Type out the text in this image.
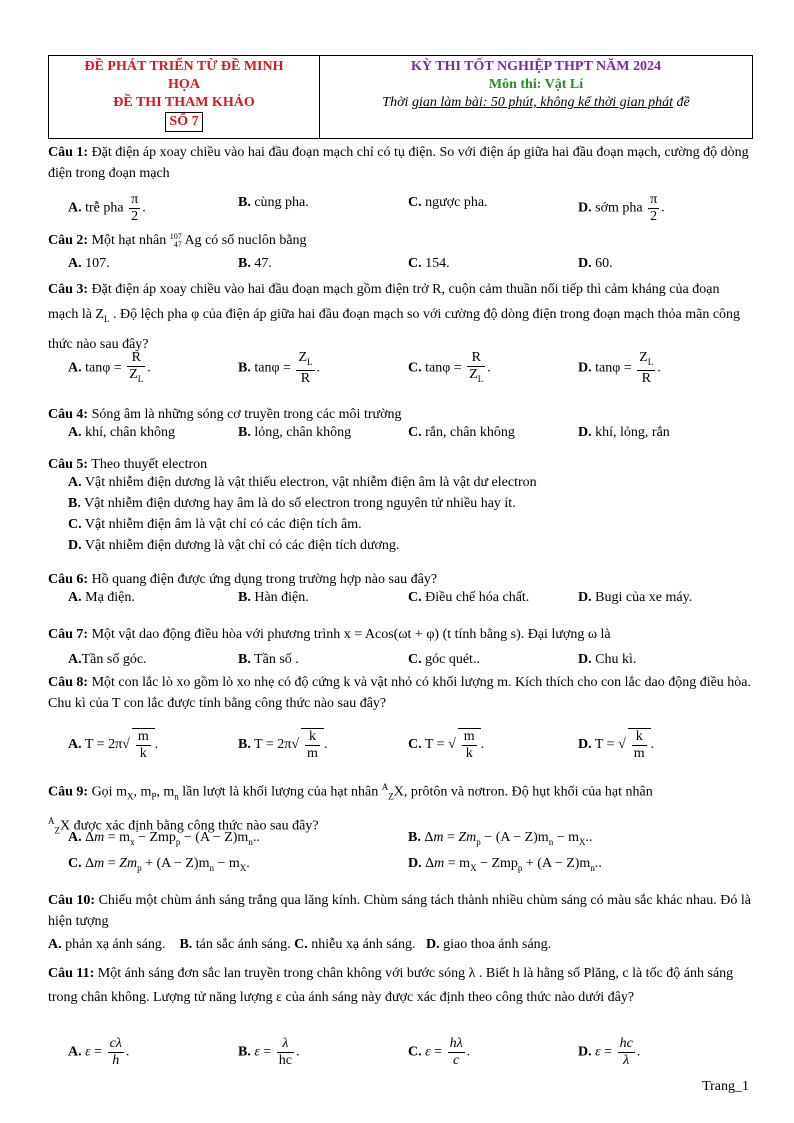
ĐỀ PHÁT TRIỂN TỪ ĐỀ MINH
HỌA
ĐỀ THI THAM KHẢO
SỐ 7
KỲ THI TỐT NGHIỆP THPT NĂM 2024
Môn thi: Vật Lí
Thời gian làm bài: 50 phút, không kể thời gian phát đề
Câu 1: Đặt điện áp xoay chiều vào hai đầu đoạn mạch chỉ có tụ điện. So với điện áp giữa hai đầu đoạn mạch, cường độ dòng điện trong đoạn mạch
A. trễ pha $\frac{\pi}{2}$ .	B. cùng pha.	C. ngược pha.	D. sớm pha $\frac{\pi}{2}$ .
Câu 2: Một hạt nhân 107
47 Ag có số nuclôn bằng
A. 107.	B. 47.	C. 154.	D. 60.
Câu 3: Đặt điện áp xoay chiều vào hai đầu đoạn mạch gồm điện trở R, cuộn cảm thuần nối tiếp thì cảm kháng của đoạn mạch là $Z_L$ . Độ lệch pha φ của điện áp giữa hai đầu đoạn mạch so với cường độ dòng điện trong đoạn mạch thỏa mãn công thức nào sau đây?
A. $\tan\varphi = \frac{R}{Z_L}$ .	B. $\tan\varphi = \frac{Z_L}{R}$ .	C. $\tan\varphi = \frac{R}{Z_L}$ .	D. $\tan\varphi = \frac{Z_L}{R}$ .
Câu 4: Sóng âm là những sóng cơ truyền trong các môi trường
A. khí, chân không	B. lỏng, chân không	C. rắn, chân không	D. khí, lỏng, rắn
Câu 5: Theo thuyết electron
A. Vật nhiễm điện dương là vật thiếu electron, vật nhiễm điện âm là vật dư electron
B. Vật nhiễm điện dương hay âm là do số electron trong nguyên tử nhiều hay ít.
C. Vật nhiễm điện âm là vật chỉ có các điện tích âm.
D. Vật nhiễm điện dương là vật chỉ có các điện tích dương.
Câu 6: Hồ quang điện được ứng dụng trong trường hợp nào sau đây?
A. Mạ điện.	B. Hàn điện.	C. Điều chế hóa chất.	D. Bugi của xe máy.
Câu 7: Một vật dao động điều hòa với phương trình x = Acos(ωt + φ) (t tính bằng s). Đại lượng ω là
A.Tần số góc.	B. Tần số .	C. góc quét..	D. Chu kì.
Câu 8: Một con lắc lò xo gồm lò xo nhẹ có độ cứng k và vật nhỏ có khối lượng m. Kích thích cho con lắc dao động điều hòa. Chu kì của T con lắc được tính bằng công thức nào sau đây?
A. $T = 2\pi√ \frac{m}{k}$ .	B. $T = 2\pi√ \frac{k}{m}$ .	C. T = √ $\frac{m}{k}$ .	D. T = √ $\frac{k}{m}$ .
Câu 9: Gọi $m_X$, $m_P$, $m_n$ lần lượt là khối lượng của hạt nhân $^A_Z$X, prôtôn và nơtron. Độ hụt khối của hạt nhân
$^A_Z$X được xác định bằng công thức nào sau đây?
A. $\Delta m = m_x - Zmp_p - (A - Z)m_n$..	B. $\Delta m = Zm_p - (A - Z)m_n - m_X$..
C. $\Delta m = Zm_p + (A - Z)m_n - m_X$.	D. $\Delta m = m_X - Zmp_p + (A - Z)m_n$..
Câu 10: Chiếu một chùm ánh sáng trắng qua lăng kính. Chùm sáng tách thành nhiều chùm sáng có màu sắc khác nhau. Đó là hiện tượng
A. phản xạ ánh sáng. B. tán sắc ánh sáng. C. nhiễu xạ ánh sáng. D. giao thoa ánh sáng.
Câu 11: Một ánh sáng đơn sắc lan truyền trong chân không với bước sóng λ . Biết h là hằng số Plăng, c là tốc độ ánh sáng trong chân không. Lượng tử năng lượng ε của ánh sáng này được xác định theo công thức nào dưới đây?
A. $\varepsilon = \frac{c\lambda}{h}$ .	B. $\varepsilon = \frac{\lambda}{hc}$ .	C. $\varepsilon = \frac{h\lambda}{c}$ .	D. $\varepsilon = \frac{hc}{\lambda}$ .
Trang_1
